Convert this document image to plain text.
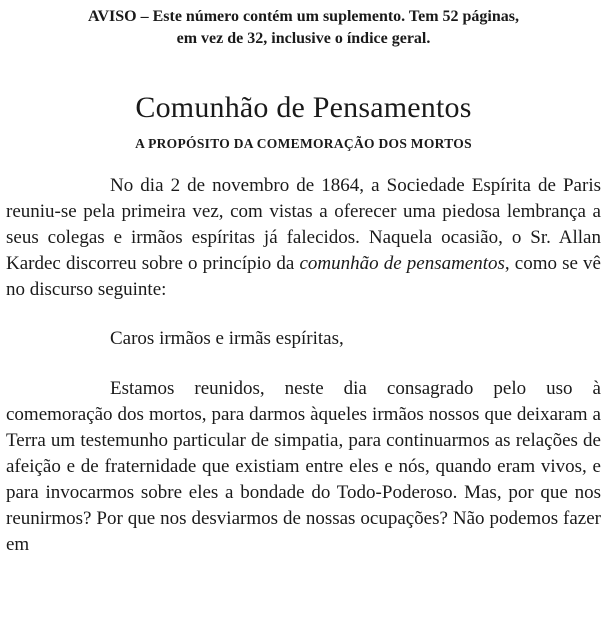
AVISO – Este número contém um suplemento. Tem 52 páginas,
em vez de 32, inclusive o índice geral.
Comunhão de Pensamentos
A PROPÓSITO DA COMEMORAÇÃO DOS MORTOS

No dia 2 de novembro de 1864, a Sociedade Espírita de Paris reuniu-se pela primeira vez, com vistas a oferecer uma piedosa lembrança a seus colegas e irmãos espíritas já falecidos. Naquela ocasião, o Sr. Allan Kardec discorreu sobre o princípio da comunhão de pensamentos, como se vê no discurso seguinte:

Caros irmãos e irmãs espíritas,

Estamos reunidos, neste dia consagrado pelo uso à comemoração dos mortos, para darmos àqueles irmãos nossos que deixaram a Terra um testemunho particular de simpatia, para continuarmos as relações de afeição e de fraternidade que existiam entre eles e nós, quando eram vivos, e para invocarmos sobre eles a bondade do Todo-Poderoso. Mas, por que nos reunirmos? Por que nos desviarmos de nossas ocupações? Não podemos fazer em
